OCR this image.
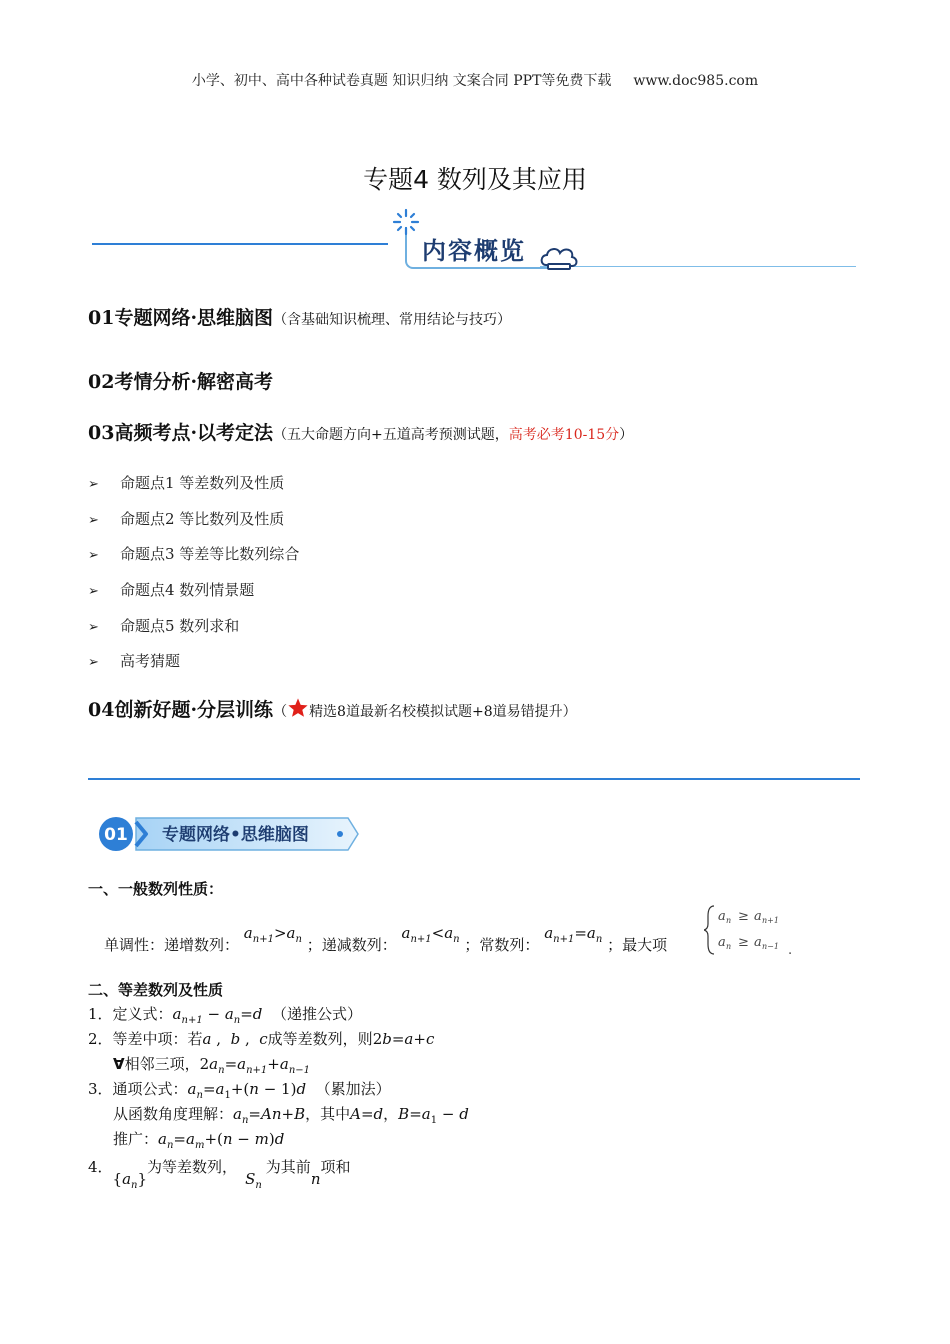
小学、初中、高中各种试卷真题 知识归纳 文案合同 PPT等免费下载 www.doc985.com
专题4 数列及其应用
内容概览
01专题网络·思维脑图（含基础知识梳理、常用结论与技巧）
02考情分析·解密高考
03高频考点·以考定法（五大命题方向+五道高考预测试题，高考必考10-15分）
➢ 命题点1 等差数列及性质
➢ 命题点2 等比数列及性质
➢ 命题点3 等差等比数列综合
➢ 命题点4 数列情景题
➢ 命题点5 数列求和
➢ 高考猜题
04创新好题·分层训练（ 精选8道最新名校模拟试题+8道易错提升）
01 专题网络•思维脑图
一、一般数列性质：
单调性：递增数列： $a_{n+1}>a_n$ ；递减数列： $a_{n+1}<a_n$ ；常数列： $a_{n+1}=a_n$ ；最大项
a n ≥ a n+1
a n ≥ a n−1 .
二、等差数列及性质
1．定义式：$a_{n+1} - a_n=d$ （递推公式）
2．等差中项：若a ,  b ,  c成等差数列，则2b=a+c
∀相邻三项，$2a_n=a_{n+1}+a_{n-1}$
3．通项公式：$a_n=a_1+(n - 1)d$ （累加法）
从函数角度理解：$a_n=An+B$，其中A=d，$B=a_1 - d$
推广：$a_n=a_m+(n - m)d$
4．$\{a_n\}$为等差数列，$S_n$为其前n项和
